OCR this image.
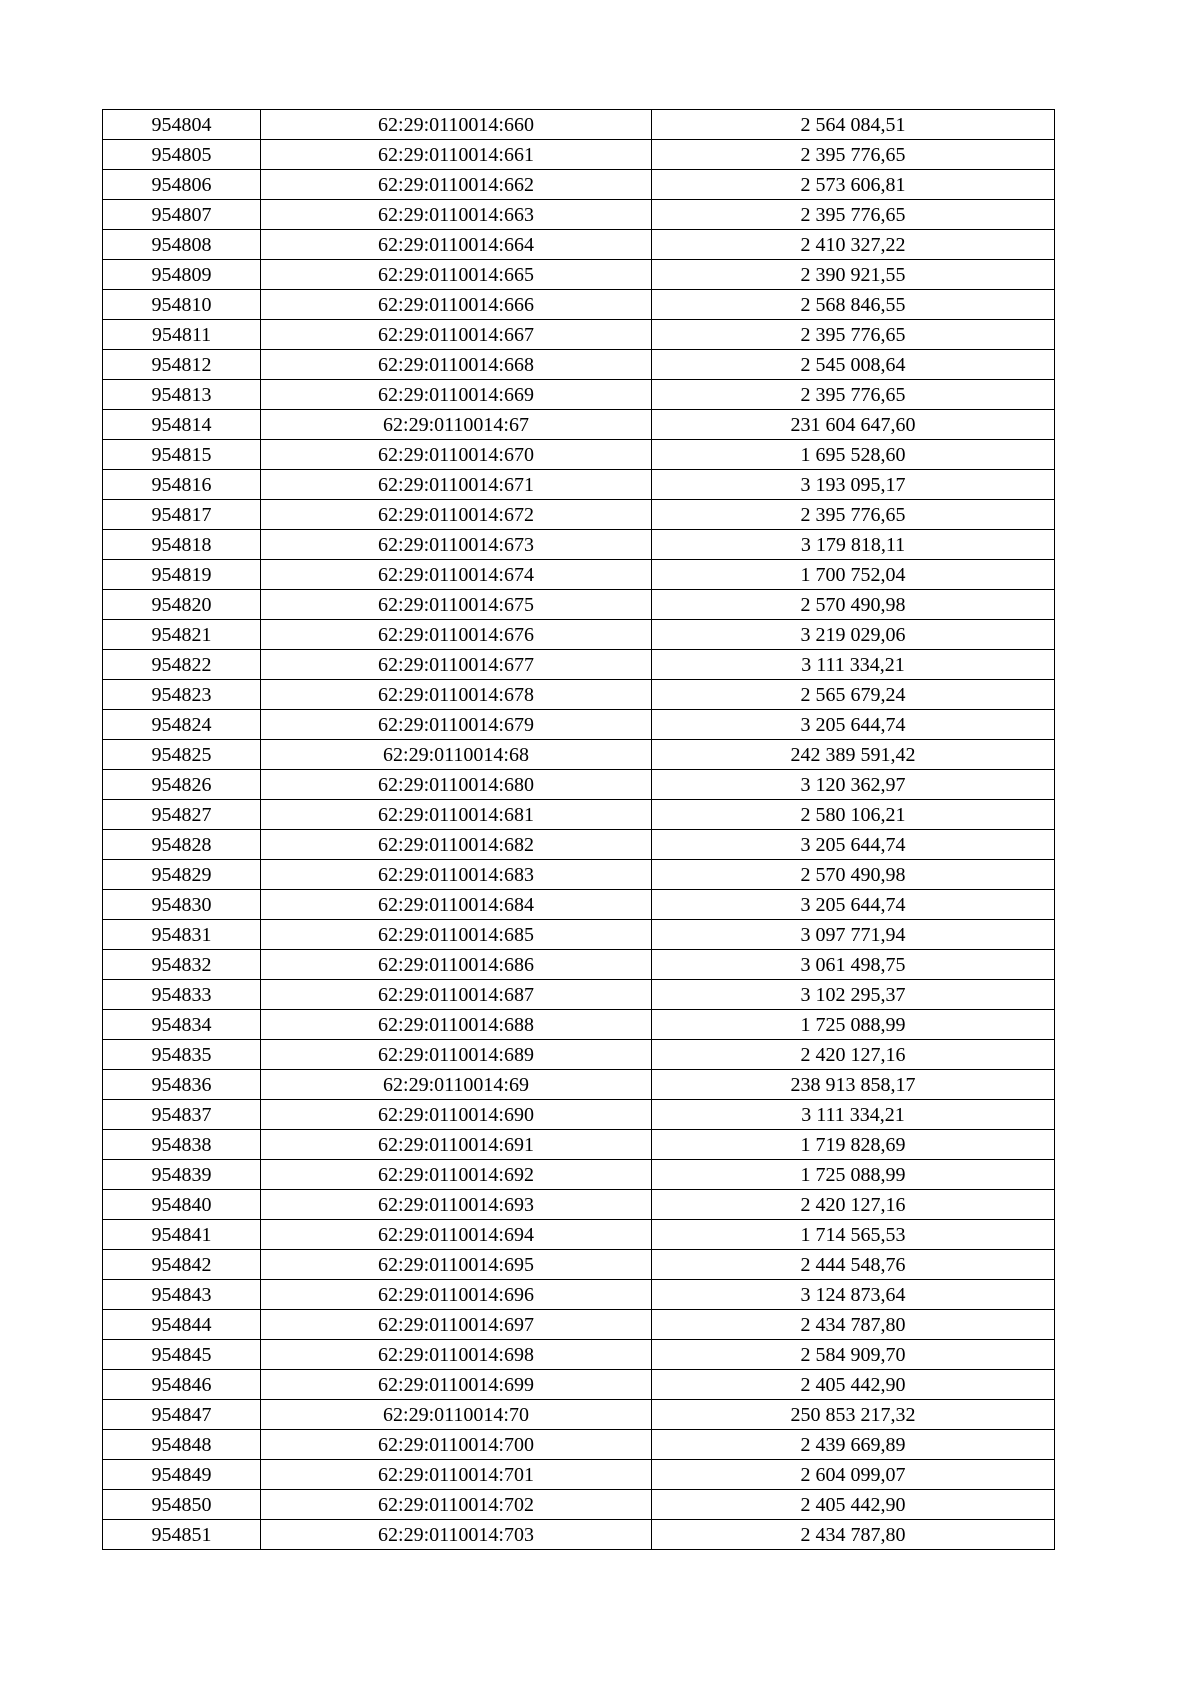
954804	62:29:0110014:660	2 564 084,51
954805	62:29:0110014:661	2 395 776,65
954806	62:29:0110014:662	2 573 606,81
954807	62:29:0110014:663	2 395 776,65
954808	62:29:0110014:664	2 410 327,22
954809	62:29:0110014:665	2 390 921,55
954810	62:29:0110014:666	2 568 846,55
954811	62:29:0110014:667	2 395 776,65
954812	62:29:0110014:668	2 545 008,64
954813	62:29:0110014:669	2 395 776,65
954814	62:29:0110014:67	231 604 647,60
954815	62:29:0110014:670	1 695 528,60
954816	62:29:0110014:671	3 193 095,17
954817	62:29:0110014:672	2 395 776,65
954818	62:29:0110014:673	3 179 818,11
954819	62:29:0110014:674	1 700 752,04
954820	62:29:0110014:675	2 570 490,98
954821	62:29:0110014:676	3 219 029,06
954822	62:29:0110014:677	3 111 334,21
954823	62:29:0110014:678	2 565 679,24
954824	62:29:0110014:679	3 205 644,74
954825	62:29:0110014:68	242 389 591,42
954826	62:29:0110014:680	3 120 362,97
954827	62:29:0110014:681	2 580 106,21
954828	62:29:0110014:682	3 205 644,74
954829	62:29:0110014:683	2 570 490,98
954830	62:29:0110014:684	3 205 644,74
954831	62:29:0110014:685	3 097 771,94
954832	62:29:0110014:686	3 061 498,75
954833	62:29:0110014:687	3 102 295,37
954834	62:29:0110014:688	1 725 088,99
954835	62:29:0110014:689	2 420 127,16
954836	62:29:0110014:69	238 913 858,17
954837	62:29:0110014:690	3 111 334,21
954838	62:29:0110014:691	1 719 828,69
954839	62:29:0110014:692	1 725 088,99
954840	62:29:0110014:693	2 420 127,16
954841	62:29:0110014:694	1 714 565,53
954842	62:29:0110014:695	2 444 548,76
954843	62:29:0110014:696	3 124 873,64
954844	62:29:0110014:697	2 434 787,80
954845	62:29:0110014:698	2 584 909,70
954846	62:29:0110014:699	2 405 442,90
954847	62:29:0110014:70	250 853 217,32
954848	62:29:0110014:700	2 439 669,89
954849	62:29:0110014:701	2 604 099,07
954850	62:29:0110014:702	2 405 442,90
954851	62:29:0110014:703	2 434 787,80
